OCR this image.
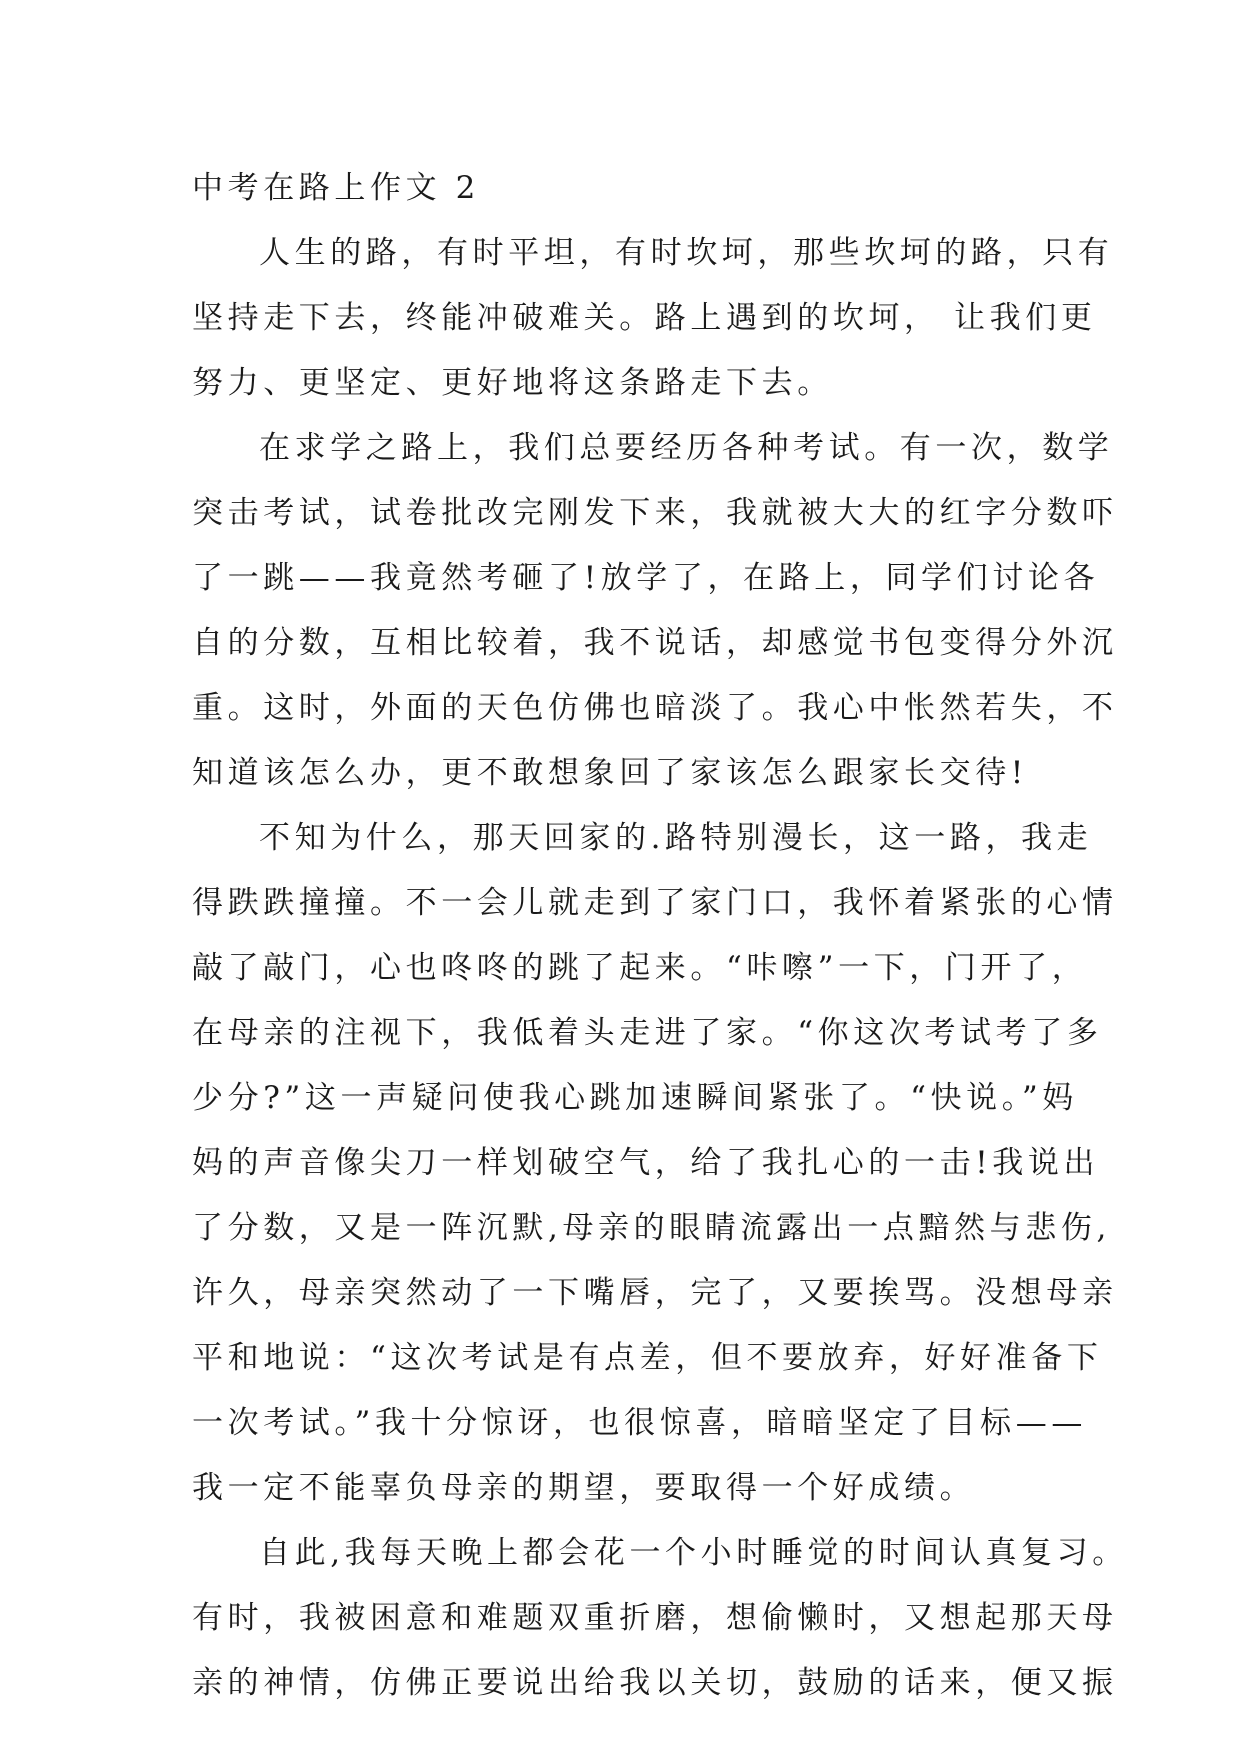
中考在路上作文 2
人生的路，有时平坦，有时坎坷，那些坎坷的路，只有
坚持走下去，终能冲破难关。路上遇到的坎坷， 让我们更
努力、更坚定、更好地将这条路走下去。
在求学之路上，我们总要经历各种考试。有一次，数学
突击考试，试卷批改完刚发下来，我就被大大的红字分数吓
了一跳——我竟然考砸了!放学了，在路上，同学们讨论各
自的分数，互相比较着，我不说话，却感觉书包变得分外沉
重。这时，外面的天色仿佛也暗淡了。我心中怅然若失，不
知道该怎么办，更不敢想象回了家该怎么跟家长交待!
不知为什么，那天回家的.路特别漫长，这一路，我走
得跌跌撞撞。不一会儿就走到了家门口，我怀着紧张的心情
敲了敲门，心也咚咚的跳了起来。“咔嚓”一下，门开了，
在母亲的注视下，我低着头走进了家。“你这次考试考了多
少分?”这一声疑问使我心跳加速瞬间紧张了。“快说。”妈
妈的声音像尖刀一样划破空气，给了我扎心的一击!我说出
了分数，又是一阵沉默,母亲的眼睛流露出一点黯然与悲伤,
许久，母亲突然动了一下嘴唇，完了，又要挨骂。没想母亲
平和地说：“这次考试是有点差，但不要放弃，好好准备下
一次考试。”我十分惊讶，也很惊喜，暗暗坚定了目标——
我一定不能辜负母亲的期望，要取得一个好成绩。
自此,我每天晚上都会花一个小时睡觉的时间认真复习。
有时，我被困意和难题双重折磨，想偷懒时，又想起那天母
亲的神情，仿佛正要说出给我以关切，鼓励的话来，便又振
